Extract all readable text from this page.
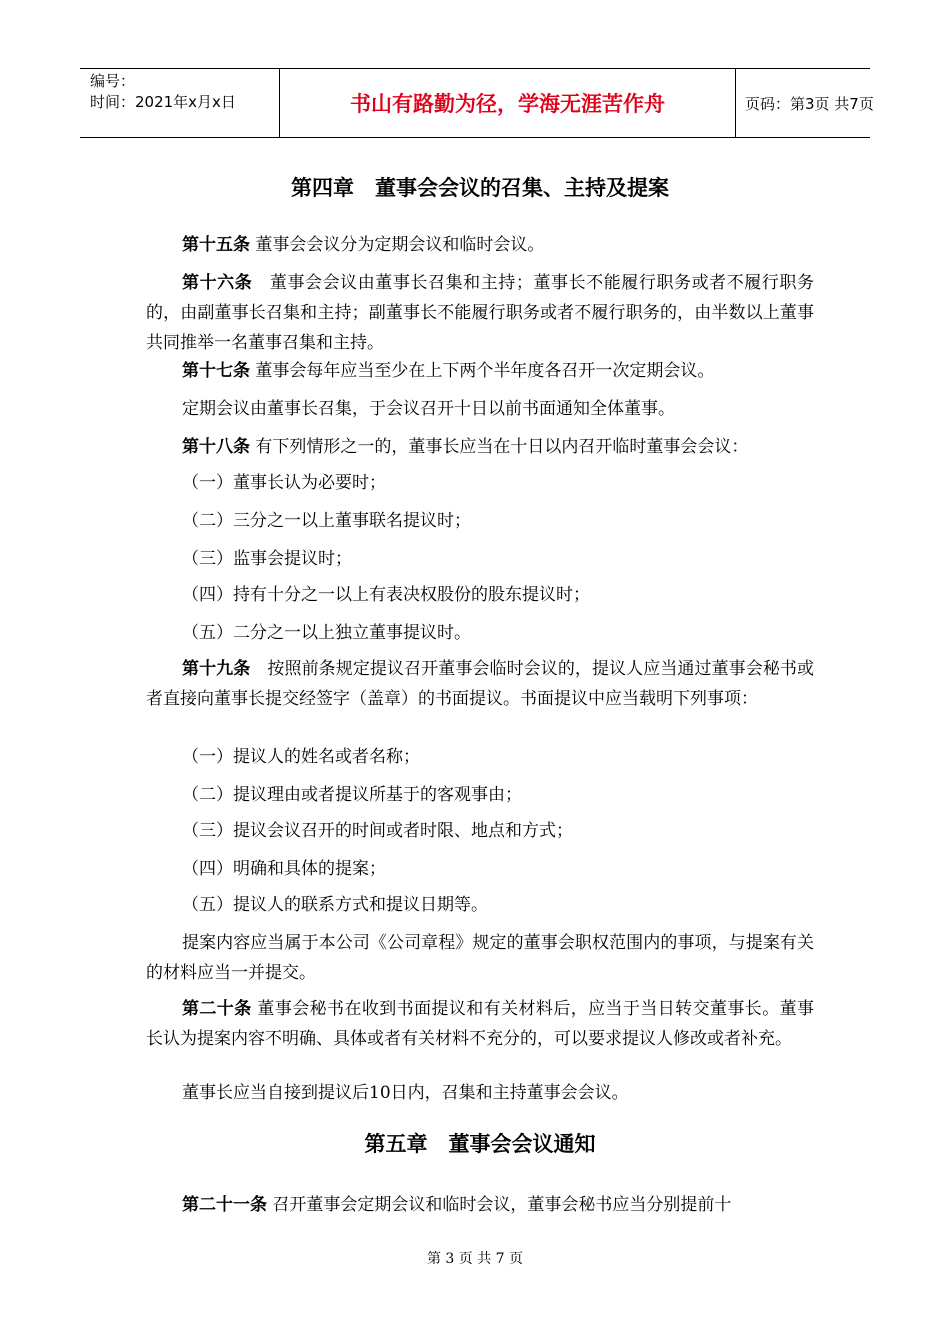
编号：
时间：2021年x月x日	书山有路勤为径，学海无涯苦作舟	页码：第3页 共7页
第四章　董事会会议的召集、主持及提案
第十五条 董事会会议分为定期会议和临时会议。
第十六条　董事会会议由董事长召集和主持；董事长不能履行职务或者不履行职务的，由副董事长召集和主持；副董事长不能履行职务或者不履行职务的，由半数以上董事共同推举一名董事召集和主持。
第十七条 董事会每年应当至少在上下两个半年度各召开一次定期会议。
定期会议由董事长召集，于会议召开十日以前书面通知全体董事。
第十八条 有下列情形之一的，董事长应当在十日以内召开临时董事会会议：
（一）董事长认为必要时；
（二）三分之一以上董事联名提议时；
（三）监事会提议时；
（四）持有十分之一以上有表决权股份的股东提议时；
（五）二分之一以上独立董事提议时。
第十九条　按照前条规定提议召开董事会临时会议的，提议人应当通过董事会秘书或者直接向董事长提交经签字（盖章）的书面提议。书面提议中应当载明下列事项：
（一）提议人的姓名或者名称；
（二）提议理由或者提议所基于的客观事由；
（三）提议会议召开的时间或者时限、地点和方式；
（四）明确和具体的提案；
（五）提议人的联系方式和提议日期等。
提案内容应当属于本公司《公司章程》规定的董事会职权范围内的事项，与提案有关的材料应当一并提交。
第二十条 董事会秘书在收到书面提议和有关材料后，应当于当日转交董事长。董事长认为提案内容不明确、具体或者有关材料不充分的，可以要求提议人修改或者补充。
董事长应当自接到提议后10日内，召集和主持董事会会议。
第五章　董事会会议通知
第二十一条 召开董事会定期会议和临时会议，董事会秘书应当分别提前十
第 3 页 共 7 页
